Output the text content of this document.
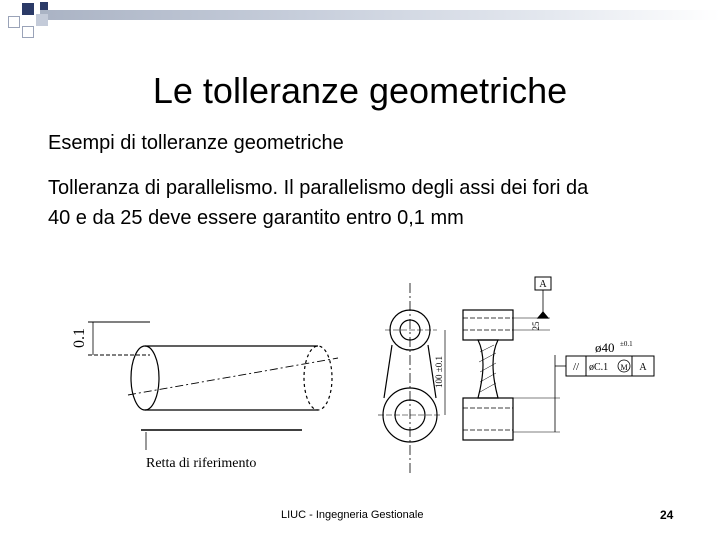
Le tolleranze geometriche
Esempi di tolleranze geometriche
Tolleranza di parallelismo. Il parallelismo degli assi dei fori da 40 e da 25 deve essere garantito entro 0,1 mm
0.1
Retta di riferimento
100 ±0.1
A
25
ø40 ±0.1
// øC.1 M A
LIUC - Ingegneria Gestionale	24
